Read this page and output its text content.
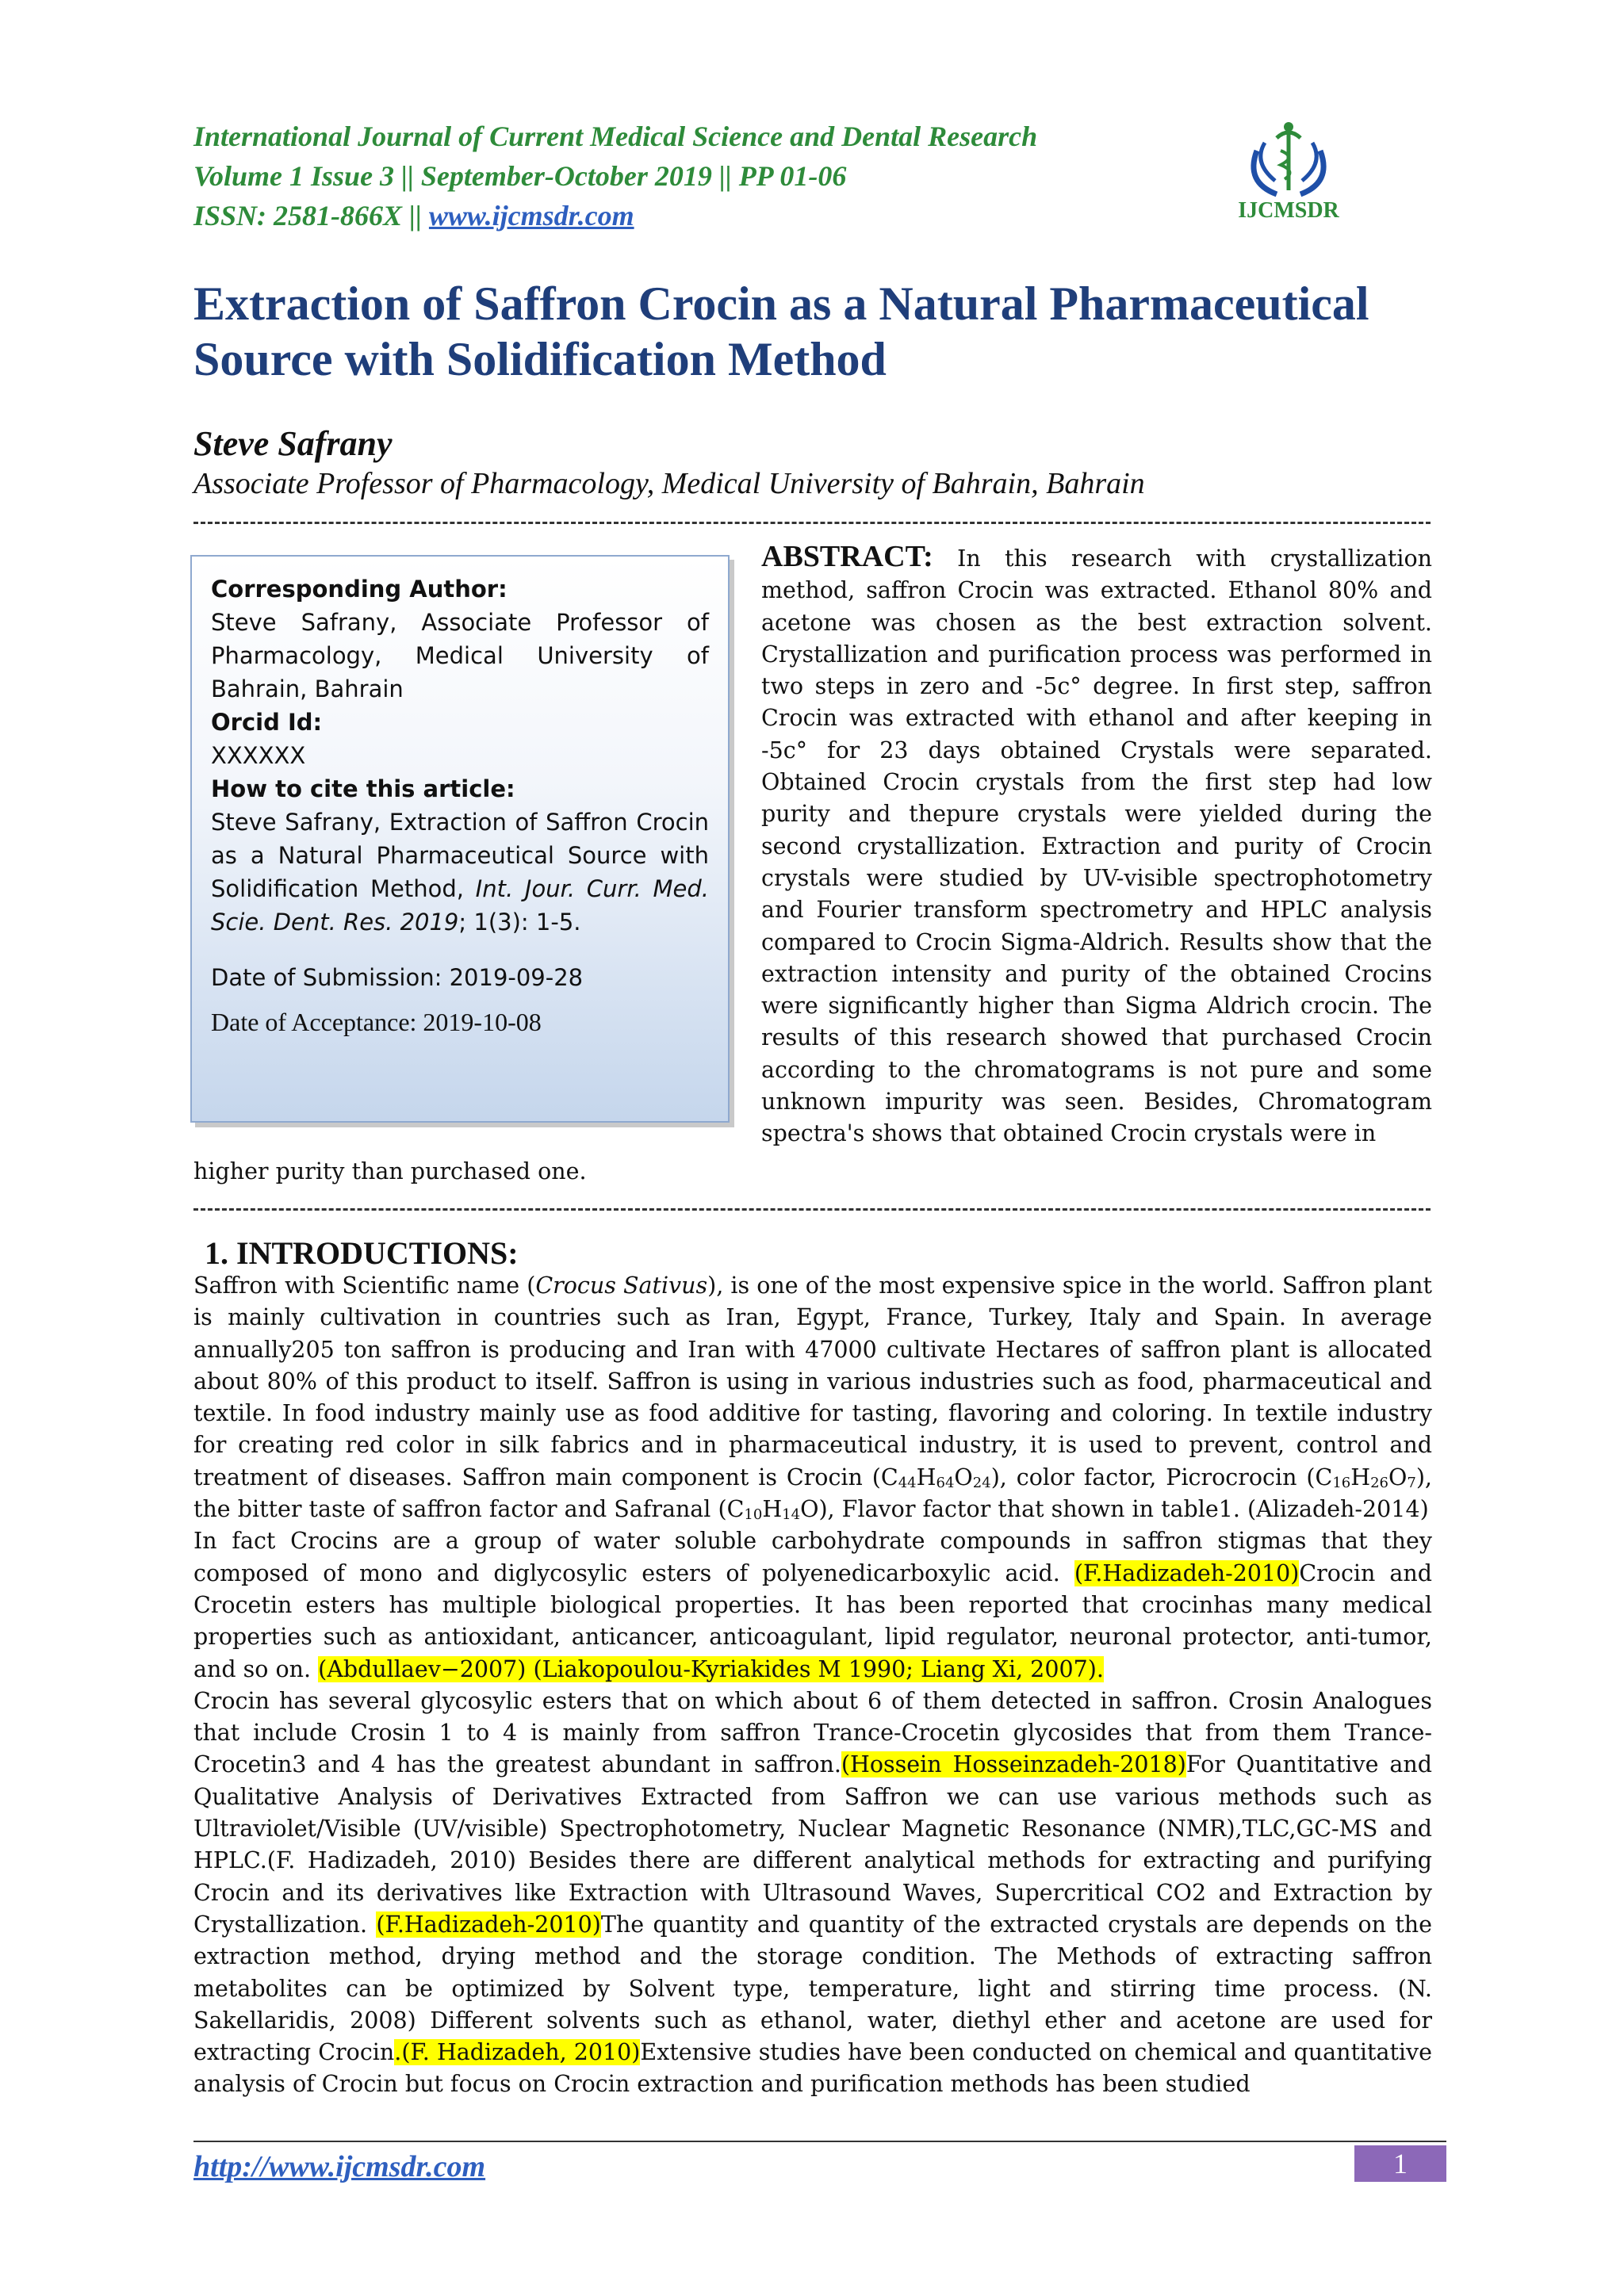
International Journal of Current Medical Science and Dental Research
Volume 1 Issue 3 || September-October 2019 || PP 01-06
ISSN: 2581-866X || www.ijcmsdr.com	IJCMSDR
Extraction of Saffron Crocin as a Natural Pharmaceutical Source with Solidification Method
Steve Safrany
Associate Professor of Pharmacology, Medical University of Bahrain, Bahrain
Corresponding Author:
Steve Safrany, Associate Professor of Pharmacology, Medical University of Bahrain, Bahrain
Orcid Id:
XXXXXX
How to cite this article:
Steve Safrany, Extraction of Saffron Crocin as a Natural Pharmaceutical Source with Solidification Method, Int. Jour. Curr. Med. Scie. Dent. Res. 2019; 1(3): 1-5.
Date of Submission: 2019-09-28
Date of Acceptance: 2019-10-08
ABSTRACT: In this research with crystallization method, saffron Crocin was extracted. Ethanol 80% and acetone was chosen as the best extraction solvent. Crystallization and purification process was performed in two steps in zero and -5c° degree. In first step, saffron Crocin was extracted with ethanol and after keeping in -5c° for 23 days obtained Crystals were separated. Obtained Crocin crystals from the first step had low purity and thepure crystals were yielded during the second crystallization. Extraction and purity of Crocin crystals were studied by UV-visible spectrophotometry and Fourier transform spectrometry and HPLC analysis compared to Crocin Sigma-Aldrich. Results show that the extraction intensity and purity of the obtained Crocins were significantly higher than Sigma Aldrich crocin. The results of this research showed that purchased Crocin according to the chromatograms is not pure and some unknown impurity was seen. Besides, Chromatogram spectra's shows that obtained Crocin crystals were in
higher purity than purchased one.
1. INTRODUCTIONS:

Saffron with Scientific name (Crocus Sativus), is one of the most expensive spice in the world. Saffron plant is mainly cultivation in countries such as Iran, Egypt, France, Turkey, Italy and Spain. In average annually205 ton saffron is producing and Iran with 47000 cultivate Hectares of saffron plant is allocated about 80% of this product to itself. Saffron is using in various industries such as food, pharmaceutical and textile. In food industry mainly use as food additive for tasting, flavoring and coloring. In textile industry for creating red color in silk fabrics and in pharmaceutical industry, it is used to prevent, control and treatment of diseases. Saffron main component is Crocin $(C_{44}H_{64}O_{24})$, color factor, Picrocrocin $(C_{16}H_{26}O_7)$, the bitter taste of saffron factor and Safranal $(C_{10}H_{14}O)$, Flavor factor that shown in table1. (Alizadeh-2014)

In fact Crocins are a group of water soluble carbohydrate compounds in saffron stigmas that they composed of mono and diglycosylic esters of polyenedicarboxylic acid. (F.Hadizadeh-2010)Crocin and Crocetin esters has multiple biological properties. It has been reported that crocinhas many medical properties such as antioxidant, anticancer, anticoagulant, lipid regulator, neuronal protector, anti-tumor, and so on. (Abdullaev−2007) (Liakopoulou-Kyriakides M 1990; Liang Xi, 2007).

Crocin has several glycosylic esters that on which about 6 of them detected in saffron. Crosin Analogues that include Crosin 1 to 4 is mainly from saffron Trance-Crocetin glycosides that from them Trance-Crocetin3 and 4 has the greatest abundant in saffron.(Hossein Hosseinzadeh-2018)For Quantitative and Qualitative Analysis of Derivatives Extracted from Saffron we can use various methods such as Ultraviolet/Visible (UV/visible) Spectrophotometry, Nuclear Magnetic Resonance (NMR),TLC,GC-MS and HPLC.(F. Hadizadeh, 2010) Besides there are different analytical methods for extracting and purifying Crocin and its derivatives like Extraction with Ultrasound Waves, Supercritical CO2 and Extraction by Crystallization. (F.Hadizadeh-2010)The quantity and quantity of the extracted crystals are depends on the extraction method, drying method and the storage condition. The Methods of extracting saffron metabolites can be optimized by Solvent type, temperature, light and stirring time process. (N. Sakellaridis, 2008) Different solvents such as ethanol, water, diethyl ether and acetone are used for extracting Crocin.(F. Hadizadeh, 2010)Extensive studies have been conducted on chemical and quantitative analysis of Crocin but focus on Crocin extraction and purification methods has been studied

http://www.ijcmsdr.com	1
